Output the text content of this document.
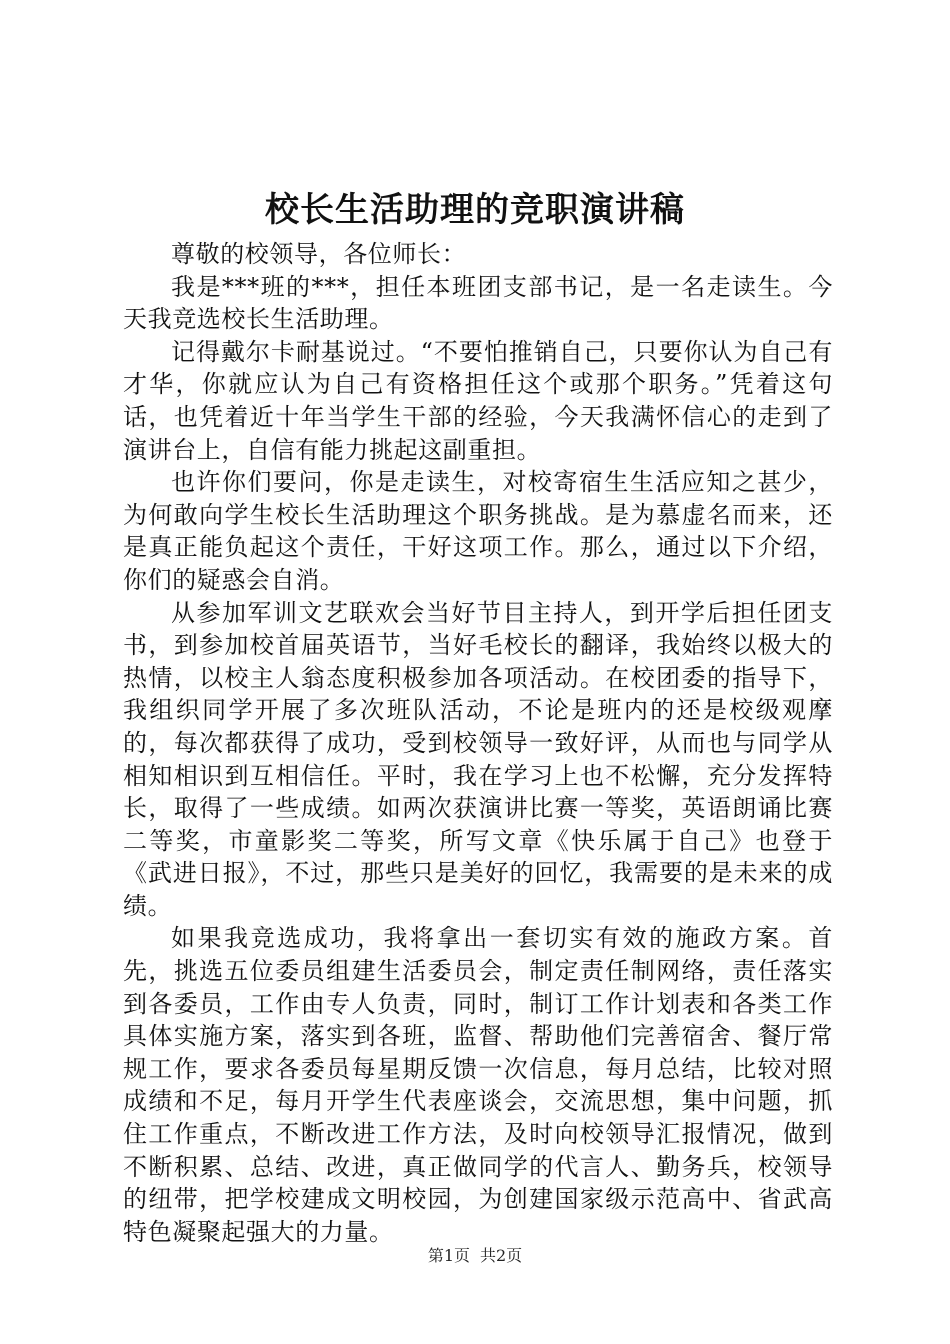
校长生活助理的竞职演讲稿

尊敬的校领导，各位师长：

我是***班的***，担任本班团支部书记，是一名走读生。今天我竞选校长生活助理。

记得戴尔卡耐基说过。“不要怕推销自己，只要你认为自己有才华，你就应认为自己有资格担任这个或那个职务。”凭着这句话，也凭着近十年当学生干部的经验，今天我满怀信心的走到了演讲台上，自信有能力挑起这副重担。

也许你们要问，你是走读生，对校寄宿生生活应知之甚少，为何敢向学生校长生活助理这个职务挑战。是为慕虚名而来，还是真正能负起这个责任，干好这项工作。那么，通过以下介绍，你们的疑惑会自消。

从参加军训文艺联欢会当好节目主持人，到开学后担任团支书，到参加校首届英语节，当好毛校长的翻译，我始终以极大的热情，以校主人翁态度积极参加各项活动。在校团委的指导下，我组织同学开展了多次班队活动，不论是班内的还是校级观摩的，每次都获得了成功，受到校领导一致好评，从而也与同学从相知相识到互相信任。平时，我在学习上也不松懈，充分发挥特长，取得了一些成绩。如两次获演讲比赛一等奖，英语朗诵比赛二等奖，市童影奖二等奖，所写文章《快乐属于自己》也登于《武进日报》，不过，那些只是美好的回忆，我需要的是未来的成绩。

如果我竞选成功，我将拿出一套切实有效的施政方案。首先，挑选五位委员组建生活委员会，制定责任制网络，责任落实到各委员，工作由专人负责，同时，制订工作计划表和各类工作具体实施方案，落实到各班，监督、帮助他们完善宿舍、餐厅常规工作，要求各委员每星期反馈一次信息，每月总结，比较对照成绩和不足，每月开学生代表座谈会，交流思想，集中问题，抓住工作重点，不断改进工作方法，及时向校领导汇报情况，做到不断积累、总结、改进，真正做同学的代言人、勤务兵，校领导的纽带，把学校建成文明校园，为创建国家级示范高中、省武高特色凝聚起强大的力量。

第1页 共2页
